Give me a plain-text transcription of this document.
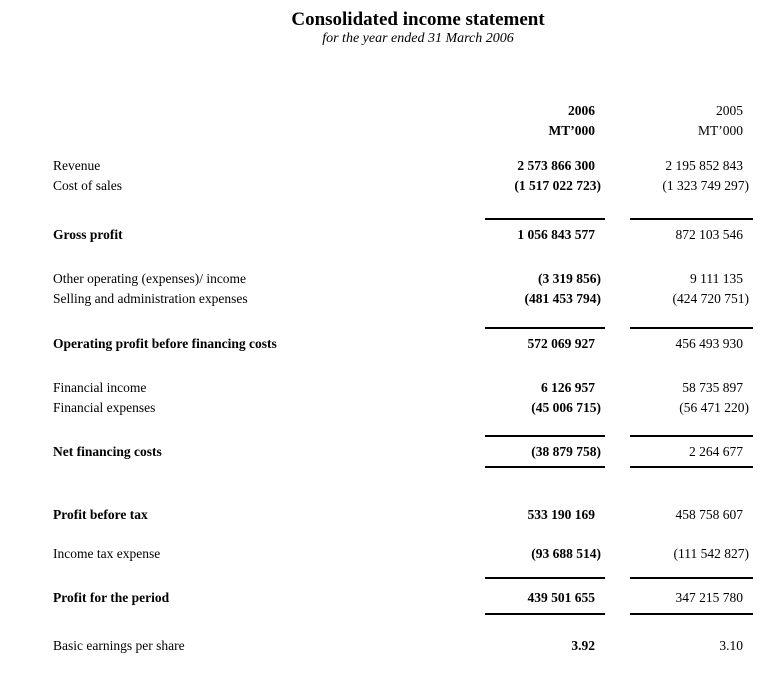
Consolidated income statement
for the year ended 31 March 2006
2006	2005
MT’000	MT’000
Revenue	2 573 866 300	2 195 852 843
Cost of sales	(1 517 022 723)	(1 323 749 297)
Gross profit	1 056 843 577	872 103 546
Other operating (expenses)/ income	(3 319 856)	9 111 135
Selling and administration expenses	(481 453 794)	(424 720 751)
Operating profit before financing costs	572 069 927	456 493 930
Financial income	6 126 957	58 735 897
Financial expenses	(45 006 715)	(56 471 220)
Net financing costs	(38 879 758)	2 264 677
Profit before tax	533 190 169	458 758 607
Income tax expense	(93 688 514)	(111 542 827)
Profit for the period	439 501 655	347 215 780
Basic earnings per share	3.92	3.10
